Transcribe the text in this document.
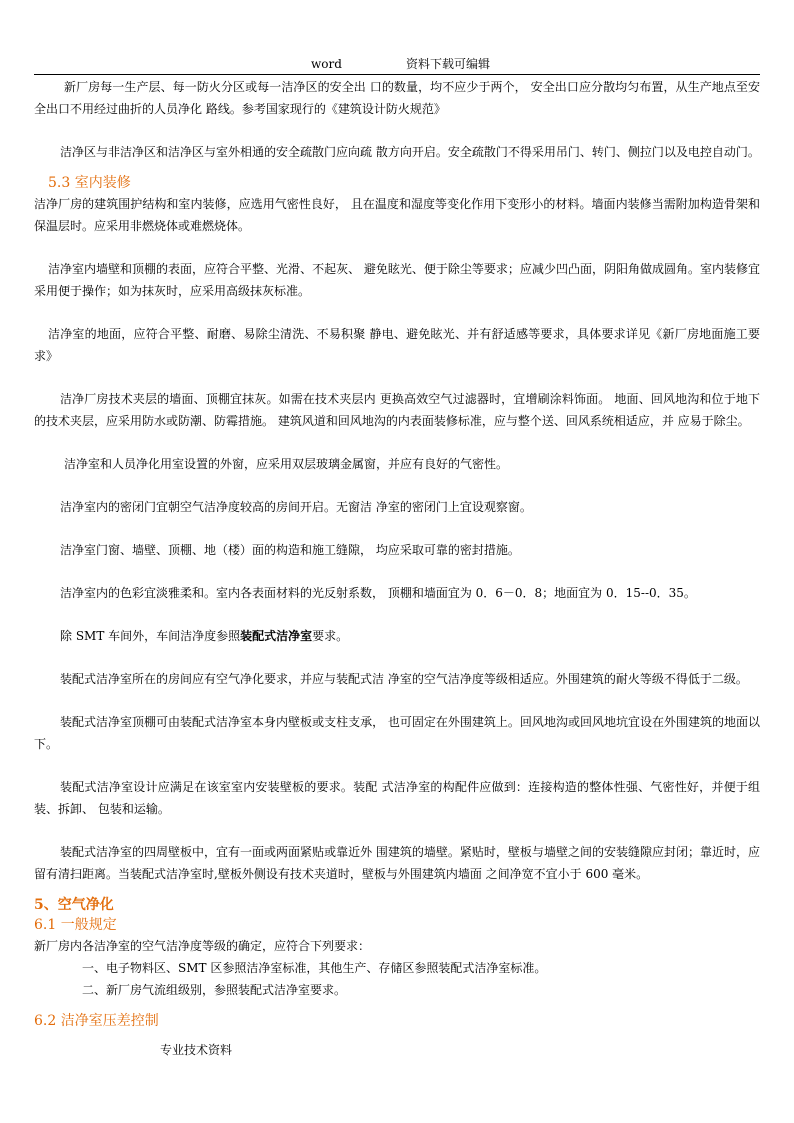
word	资料下载可编辑

新厂房每一生产层、每一防火分区或每一洁净区的安全出 口的数量，均不应少于两个， 安全出口应分散均匀布置，从生产地点至安全出口不用经过曲折的人员净化 路线。参考国家现行的《建筑设计防火规范》

洁净区与非洁净区和洁净区与室外相通的安全疏散门应向疏 散方向开启。安全疏散门不得采用吊门、转门、侧拉门以及电控自动门。

5.3 室内装修

洁净厂房的建筑围护结构和室内装修，应选用气密性良好， 且在温度和湿度等变化作用下变形小的材料。墙面内装修当需附加构造骨架和保温层时。应采用非燃烧体或难燃烧体。

洁净室内墙壁和顶棚的表面，应符合平整、光滑、不起灰、 避免眩光、便于除尘等要求；应减少凹凸面，阴阳角做成圆角。室内装修宜采用便于操作；如为抹灰时，应采用高级抹灰标准。

洁净室的地面，应符合平整、耐磨、易除尘清洗、不易积聚 静电、避免眩光、并有舒适感等要求，具体要求详见《新厂房地面施工要求》

洁净厂房技术夹层的墙面、顶棚宜抹灰。如需在技术夹层内 更换高效空气过滤器时，宜增刷涂料饰面。 地面、回风地沟和位于地下的技术夹层，应采用防水或防潮、防霉措施。 建筑风道和回风地沟的内表面装修标准，应与整个送、回风系统相适应，并 应易于除尘。

洁净室和人员净化用室设置的外窗，应采用双层玻璃金属窗，并应有良好的气密性。

洁净室内的密闭门宜朝空气洁净度较高的房间开启。无窗洁 净室的密闭门上宜设观察窗。

洁净室门窗、墙壁、顶棚、地（楼）面的构造和施工缝隙， 均应采取可靠的密封措施。

洁净室内的色彩宜淡雅柔和。室内各表面材料的光反射系数， 顶棚和墙面宜为 0．6－0．8；地面宜为 0．15--0．35。

除 SMT 车间外，车间洁净度参照装配式洁净室要求。

装配式洁净室所在的房间应有空气净化要求，并应与装配式洁 净室的空气洁净度等级相适应。外围建筑的耐火等级不得低于二级。

装配式洁净室顶棚可由装配式洁净室本身内壁板或支柱支承， 也可固定在外围建筑上。回风地沟或回风地坑宜设在外围建筑的地面以下。

装配式洁净室设计应满足在该室室内安装壁板的要求。装配 式洁净室的构配件应做到：连接构造的整体性强、气密性好，并便于组装、拆卸、 包装和运输。

装配式洁净室的四周壁板中，宜有一面或两面紧贴或靠近外 围建筑的墙壁。紧贴时，壁板与墙壁之间的安装缝隙应封闭；靠近时，应留有清扫距离。当装配式洁净室时,壁板外侧设有技术夹道时，壁板与外围建筑内墙面 之间净宽不宜小于 600 毫米。

5、空气净化
6.1 一般规定

新厂房内各洁净室的空气洁净度等级的确定，应符合下列要求：

一、电子物料区、SMT 区参照洁净室标准，其他生产、存储区参照装配式洁净室标准。

二、新厂房气流组级别，参照装配式洁净室要求。

6.2 洁净室压差控制
专业技术资料
